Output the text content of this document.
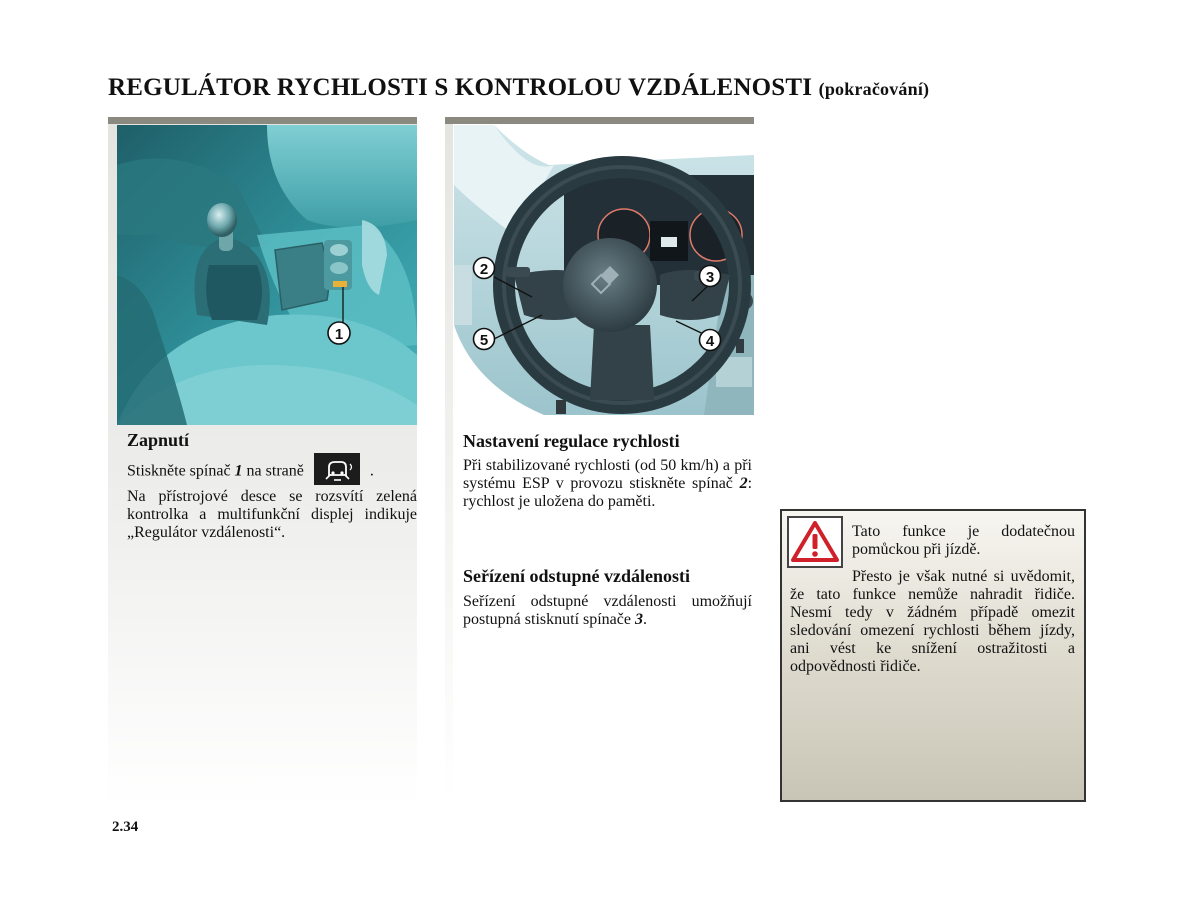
REGULÁTOR RYCHLOSTI S KONTROLOU VZDÁLENOSTI (pokračování)
1
Zapnutí
Stiskněte spínač 1 na straně	.
Na přístrojové desce se rozsvítí zelená kontrolka a multifunkční displej indikuje „Regulátor vzdálenosti“.
2	3
4
5
Nastavení regulace rychlosti
Při stabilizované rychlosti (od 50 km/h) a při systému ESP v provozu stiskněte spínač 2: rychlost je uložena do paměti.
Seřízení odstupné vzdálenosti
Seřízení odstupné vzdálenosti umožňují postupná stisknutí spínače 3.
Tato funkce je dodatečnou pomůckou při jízdě.
Přesto je však nutné si uvědomit, že tato funkce nemůže nahradit řidiče. Nesmí tedy v žádném případě omezit sledování omezení rychlosti během jízdy, ani vést ke snížení ostražitosti a odpovědnosti řidiče.
2.34
